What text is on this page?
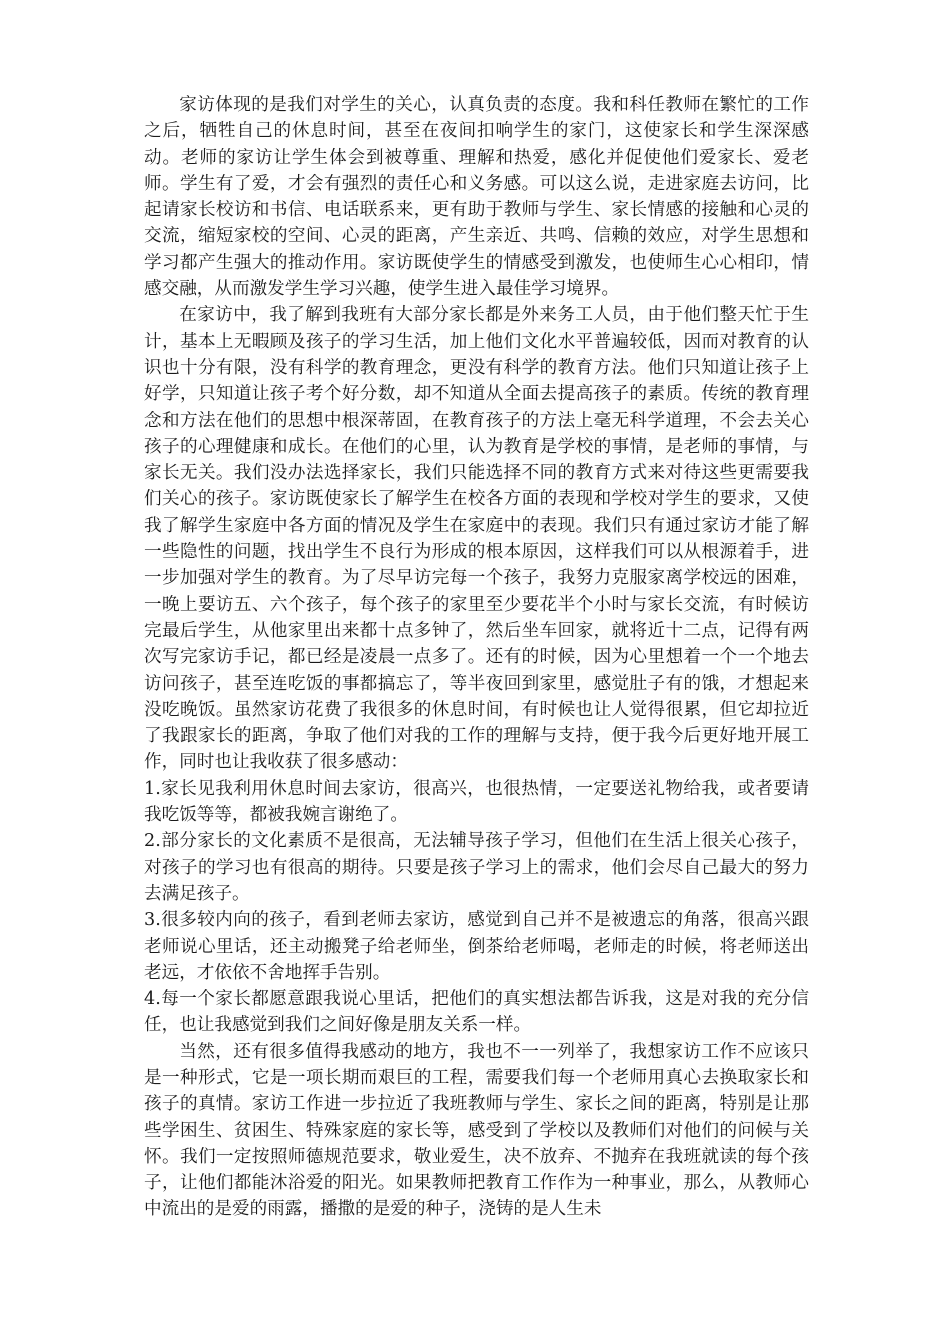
家访体现的是我们对学生的关心，认真负责的态度。我和科任教师在繁忙的工作之后，牺牲自己的休息时间，甚至在夜间扣响学生的家门，这使家长和学生深深感动。老师的家访让学生体会到被尊重、理解和热爱，感化并促使他们爱家长、爱老师。学生有了爱，才会有强烈的责任心和义务感。可以这么说，走进家庭去访问，比起请家长校访和书信、电话联系来，更有助于教师与学生、家长情感的接触和心灵的交流，缩短家校的空间、心灵的距离，产生亲近、共鸣、信赖的效应，对学生思想和学习都产生强大的推动作用。家访既使学生的情感受到激发，也使师生心心相印，情感交融，从而激发学生学习兴趣，使学生进入最佳学习境界。

在家访中，我了解到我班有大部分家长都是外来务工人员，由于他们整天忙于生计，基本上无暇顾及孩子的学习生活，加上他们文化水平普遍较低，因而对教育的认识也十分有限，没有科学的教育理念，更没有科学的教育方法。他们只知道让孩子上好学，只知道让孩子考个好分数，却不知道从全面去提高孩子的素质。传统的教育理念和方法在他们的思想中根深蒂固，在教育孩子的方法上毫无科学道理，不会去关心孩子的心理健康和成长。在他们的心里，认为教育是学校的事情，是老师的事情，与家长无关。我们没办法选择家长，我们只能选择不同的教育方式来对待这些更需要我们关心的孩子。家访既使家长了解学生在校各方面的表现和学校对学生的要求，又使我了解学生家庭中各方面的情况及学生在家庭中的表现。我们只有通过家访才能了解一些隐性的问题，找出学生不良行为形成的根本原因，这样我们可以从根源着手，进一步加强对学生的教育。为了尽早访完每一个孩子，我努力克服家离学校远的困难，一晚上要访五、六个孩子，每个孩子的家里至少要花半个小时与家长交流，有时候访完最后学生，从他家里出来都十点多钟了，然后坐车回家，就将近十二点，记得有两次写完家访手记，都已经是凌晨一点多了。还有的时候，因为心里想着一个一个地去访问孩子，甚至连吃饭的事都搞忘了，等半夜回到家里，感觉肚子有的饿，才想起来没吃晚饭。虽然家访花费了我很多的休息时间，有时候也让人觉得很累，但它却拉近了我跟家长的距离，争取了他们对我的工作的理解与支持，便于我今后更好地开展工作，同时也让我收获了很多感动：

1.家长见我利用休息时间去家访，很高兴，也很热情，一定要送礼物给我，或者要请我吃饭等等，都被我婉言谢绝了。

2.部分家长的文化素质不是很高，无法辅导孩子学习，但他们在生活上很关心孩子，对孩子的学习也有很高的期待。只要是孩子学习上的需求，他们会尽自己最大的努力去满足孩子。

3.很多较内向的孩子，看到老师去家访，感觉到自己并不是被遗忘的角落，很高兴跟老师说心里话，还主动搬凳子给老师坐，倒茶给老师喝，老师走的时候，将老师送出老远，才依依不舍地挥手告别。

4.每一个家长都愿意跟我说心里话，把他们的真实想法都告诉我，这是对我的充分信任，也让我感觉到我们之间好像是朋友关系一样。

当然，还有很多值得我感动的地方，我也不一一列举了，我想家访工作不应该只是一种形式，它是一项长期而艰巨的工程，需要我们每一个老师用真心去换取家长和孩子的真情。家访工作进一步拉近了我班教师与学生、家长之间的距离，特别是让那些学困生、贫困生、特殊家庭的家长等，感受到了学校以及教师们对他们的问候与关怀。我们一定按照师德规范要求，敬业爱生，决不放弃、不抛弃在我班就读的每个孩子，让他们都能沐浴爱的阳光。如果教师把教育工作作为一种事业，那么，从教师心中流出的是爱的雨露，播撒的是爱的种子，浇铸的是人生未
